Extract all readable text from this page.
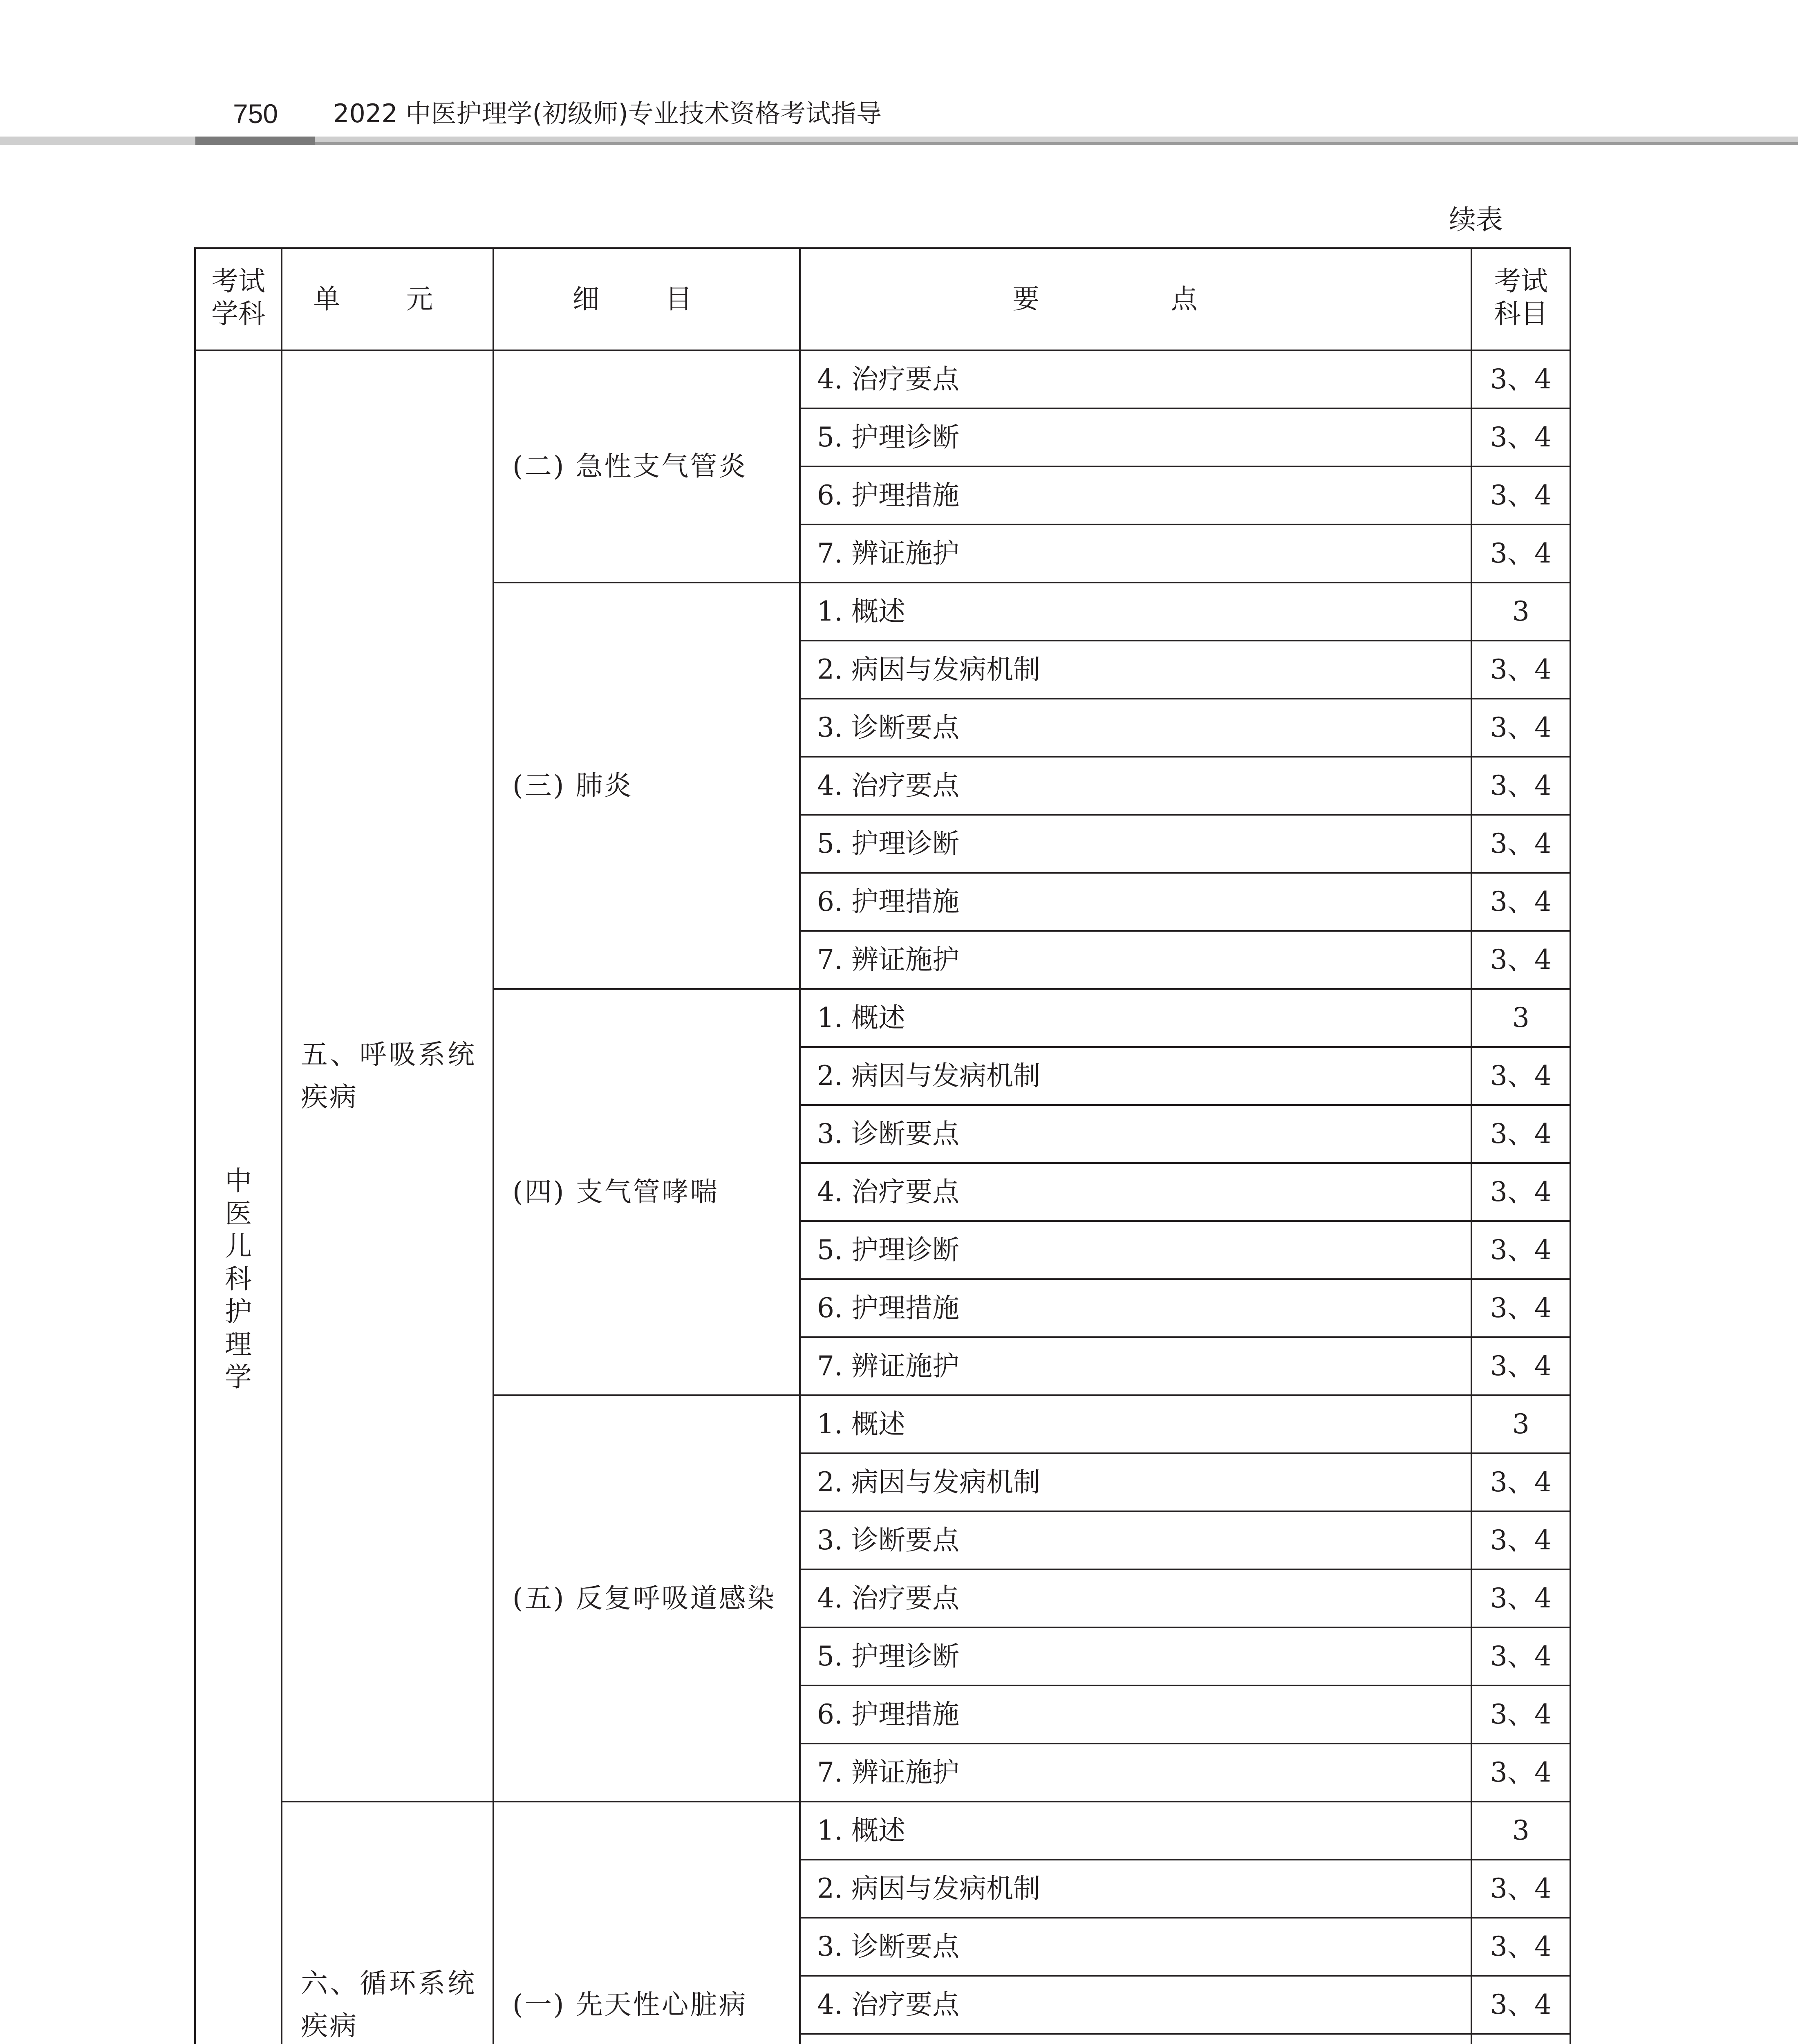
750 2022 中医护理学(初级师)专业技术资格考试指导
续表
考试学科	单 元	细 目	要 点	考试科目
中医儿科护理学	五、呼吸系统疾病	(二) 急性支气管炎	4. 治疗要点	3、4
			5. 护理诊断	3、4
			6. 护理措施	3、4
			7. 辨证施护	3、4

		(三) 肺炎	1. 概述	3
			2. 病因与发病机制	3、4
			3. 诊断要点	3、4
			4. 治疗要点	3、4
			5. 护理诊断	3、4
			6. 护理措施	3、4
			7. 辨证施护	3、4

		(四) 支气管哮喘	1. 概述	3
			2. 病因与发病机制	3、4
			3. 诊断要点	3、4
			4. 治疗要点	3、4
			5. 护理诊断	3、4
			6. 护理措施	3、4
			7. 辨证施护	3、4

		(五) 反复呼吸道感染	1. 概述	3
			2. 病因与发病机制	3、4
			3. 诊断要点	3、4
			4. 治疗要点	3、4
			5. 护理诊断	3、4
			6. 护理措施	3、4
			7. 辨证施护	3、4

	六、循环系统疾病	(一) 先天性心脏病	1. 概述	3
			2. 病因与发病机制	3、4
			3. 诊断要点	3、4
			4. 治疗要点	3、4
